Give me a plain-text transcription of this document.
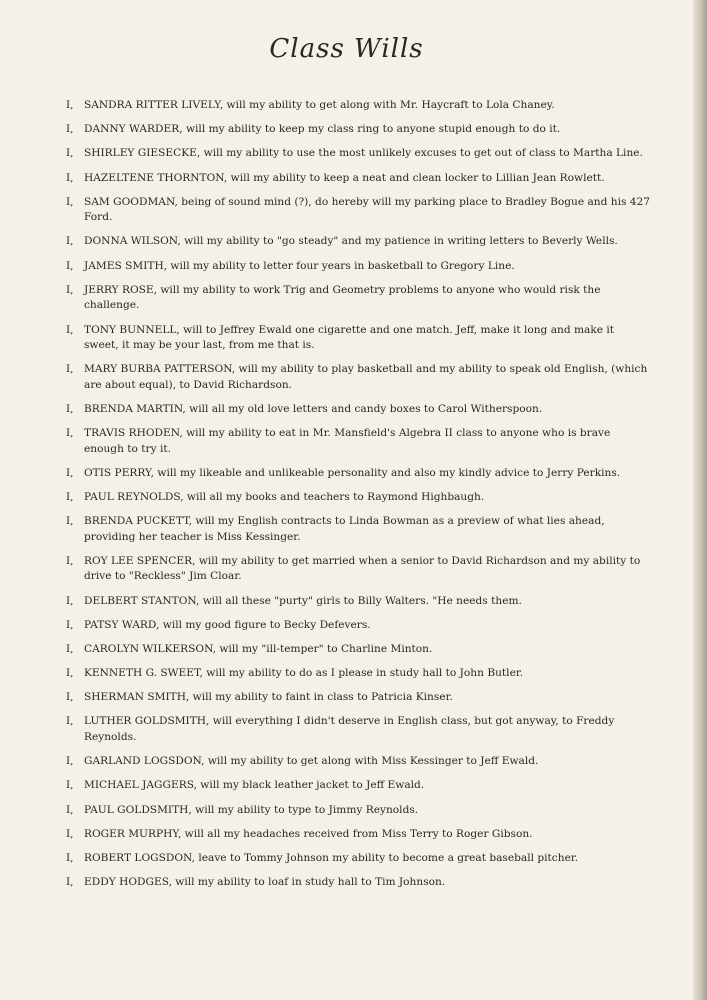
Class Wills
I, SANDRA RITTER LIVELY, will my ability to get along with Mr. Haycraft to Lola Chaney.
I, DANNY WARDER, will my ability to keep my class ring to anyone stupid enough to do it.
I, SHIRLEY GIESECKE, will my ability to use the most unlikely excuses to get out of class to Martha Line.
I, HAZELTENE THORNTON, will my ability to keep a neat and clean locker to Lillian Jean Rowlett.
I, SAM GOODMAN, being of sound mind (?), do hereby will my parking place to Bradley Bogue and his 427 Ford.
I, DONNA WILSON, will my ability to "go steady" and my patience in writing letters to Beverly Wells.
I, JAMES SMITH, will my ability to letter four years in basketball to Gregory Line.
I, JERRY ROSE, will my ability to work Trig and Geometry problems to anyone who would risk the challenge.
I, TONY BUNNELL, will to Jeffrey Ewald one cigarette and one match. Jeff, make it long and make it sweet, it may be your last, from me that is.
I, MARY BURBA PATTERSON, will my ability to play basketball and my ability to speak old English, (which are about equal), to David Richardson.
I, BRENDA MARTIN, will all my old love letters and candy boxes to Carol Witherspoon.
I, TRAVIS RHODEN, will my ability to eat in Mr. Mansfield's Algebra II class to anyone who is brave enough to try it.
I, OTIS PERRY, will my likeable and unlikeable personality and also my kindly advice to Jerry Perkins.
I, PAUL REYNOLDS, will all my books and teachers to Raymond Highbaugh.
I, BRENDA PUCKETT, will my English contracts to Linda Bowman as a preview of what lies ahead, providing her teacher is Miss Kessinger.
I, ROY LEE SPENCER, will my ability to get married when a senior to David Richardson and my ability to drive to "Reckless" Jim Cloar.
I, DELBERT STANTON, will all these "purty" girls to Billy Walters. "He needs them.
I, PATSY WARD, will my good figure to Becky Defevers.
I, CAROLYN WILKERSON, will my "ill-temper" to Charline Minton.
I, KENNETH G. SWEET, will my ability to do as I please in study hall to John Butler.
I, SHERMAN SMITH, will my ability to faint in class to Patricia Kinser.
I, LUTHER GOLDSMITH, will everything I didn't deserve in English class, but got anyway, to Freddy Reynolds.
I, GARLAND LOGSDON, will my ability to get along with Miss Kessinger to Jeff Ewald.
I, MICHAEL JAGGERS, will my black leather jacket to Jeff Ewald.
I, PAUL GOLDSMITH, will my ability to type to Jimmy Reynolds.
I, ROGER MURPHY, will all my headaches received from Miss Terry to Roger Gibson.
I, ROBERT LOGSDON, leave to Tommy Johnson my ability to become a great baseball pitcher.
I, EDDY HODGES, will my ability to loaf in study hall to Tim Johnson.
